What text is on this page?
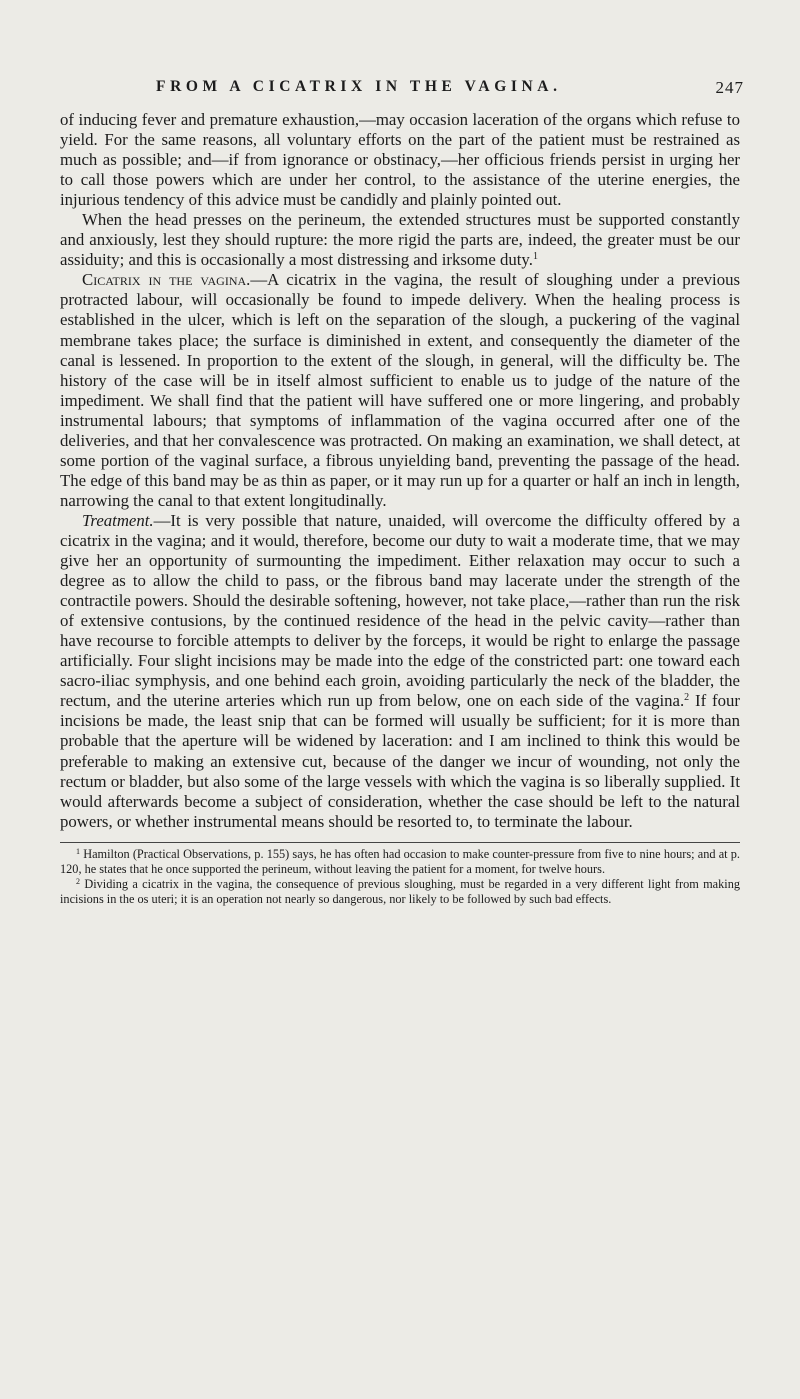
FROM A CICATRIX IN THE VAGINA.	247

of inducing fever and premature exhaustion,—may occasion laceration of the organs which refuse to yield. For the same reasons, all voluntary efforts on the part of the patient must be restrained as much as possible; and—if from ignorance or obstinacy,—her officious friends persist in urging her to call those powers which are under her control, to the assistance of the uterine energies, the injurious tendency of this advice must be candidly and plainly pointed out.

When the head presses on the perineum, the extended structures must be supported constantly and anxiously, lest they should rupture: the more rigid the parts are, indeed, the greater must be our assiduity; and this is occasionally a most distressing and irksome duty.$^1$

Cicatrix in the vagina.—A cicatrix in the vagina, the result of sloughing under a previous protracted labour, will occasionally be found to impede delivery. When the healing process is established in the ulcer, which is left on the separation of the slough, a puckering of the vaginal membrane takes place; the surface is diminished in extent, and consequently the diameter of the canal is lessened. In proportion to the extent of the slough, in general, will the difficulty be. The history of the case will be in itself almost sufficient to enable us to judge of the nature of the impediment. We shall find that the patient will have suffered one or more lingering, and probably instrumental labours; that symptoms of inflammation of the vagina occurred after one of the deliveries, and that her convalescence was protracted. On making an examination, we shall detect, at some portion of the vaginal surface, a fibrous unyielding band, preventing the passage of the head. The edge of this band may be as thin as paper, or it may run up for a quarter or half an inch in length, narrowing the canal to that extent longitudinally.

Treatment.—It is very possible that nature, unaided, will overcome the difficulty offered by a cicatrix in the vagina; and it would, therefore, become our duty to wait a moderate time, that we may give her an opportunity of surmounting the impediment. Either relaxation may occur to such a degree as to allow the child to pass, or the fibrous band may lacerate under the strength of the contractile powers. Should the desirable softening, however, not take place,—rather than run the risk of extensive contusions, by the continued residence of the head in the pelvic cavity—rather than have recourse to forcible attempts to deliver by the forceps, it would be right to enlarge the passage artificially. Four slight incisions may be made into the edge of the constricted part: one toward each sacro-iliac symphysis, and one behind each groin, avoiding particularly the neck of the bladder, the rectum, and the uterine arteries which run up from below, one on each side of the vagina.$^2$ If four incisions be made, the least snip that can be formed will usually be sufficient; for it is more than probable that the aperture will be widened by laceration: and I am inclined to think this would be preferable to making an extensive cut, because of the danger we incur of wounding, not only the rectum or bladder, but also some of the large vessels with which the vagina is so liberally supplied. It would afterwards become a subject of consideration, whether the case should be left to the natural powers, or whether instrumental means should be resorted to, to terminate the labour.

$^1$ Hamilton (Practical Observations, p. 155) says, he has often had occasion to make counter-pressure from five to nine hours; and at p. 120, he states that he once supported the perineum, without leaving the patient for a moment, for twelve hours.

$^2$ Dividing a cicatrix in the vagina, the consequence of previous sloughing, must be regarded in a very different light from making incisions in the os uteri; it is an operation not nearly so dangerous, nor likely to be followed by such bad effects.
